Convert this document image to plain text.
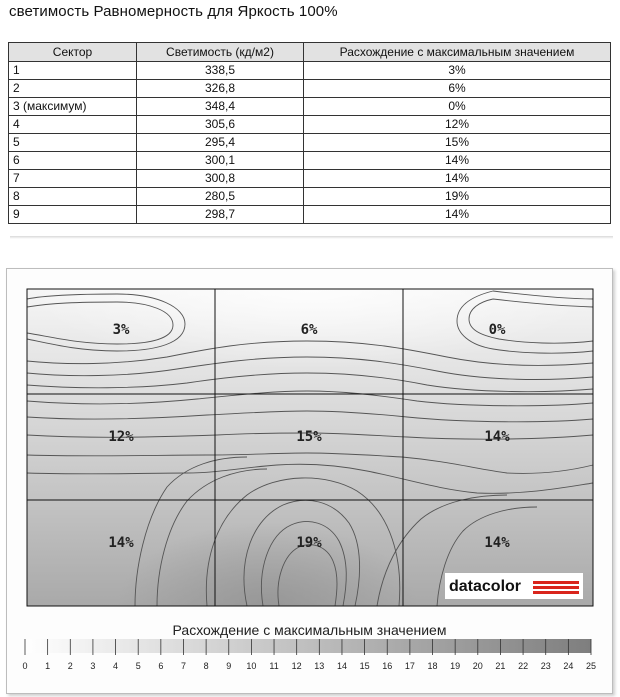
светимость Равномерность для Яркость 100%
Сектор	Светимость (кд/м2)	Расхождение с максимальным значением
1	338,5	3%
2	326,8	6%
3 (максимум)	348,4	0%
4	305,6	12%
5	295,4	15%
6	300,1	14%
7	300,8	14%
8	280,5	19%
9	298,7	14%
3%	6%	0%
12%	15%	14%
14%	19%	14%
datacolor
0 1 2 3 4 5 6 7 8 9 10 11 12 13 14 15 16 17 18 19 20 21 22 23 24 25
Расхождение с максимальным значением
